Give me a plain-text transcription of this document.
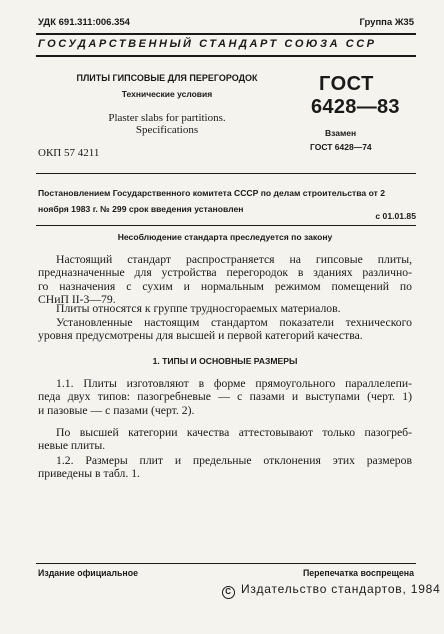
УДК 691.311:006.354	Группа Ж35
ГОСУДАРСТВЕННЫЙ СТАНДАРТ СОЮЗА ССР
ПЛИТЫ ГИПСОВЫЕ ДЛЯ ПЕРЕГОРОДОК
Технические условия
Plaster slabs for partitions.
Specifications
ОКП 57 4211
ГОСТ
6428—83
Взамен
ГОСТ 6428—74
Постановлением Государственного комитета СССР по делам строительства от 2 ноября 1983 г. № 299 срок введения установлен
с 01.01.85
Несоблюдение стандарта преследуется по закону
Настоящий стандарт распространяется на гипсовые плиты,
предназначенные для устройства перегородок в зданиях различно-
го назначения с сухим и нормальным режимом помещений по
СНиП II-3—79.
Плиты относятся к группе трудносгораемых материалов.
Установленные настоящим стандартом показатели технического
уровня предусмотрены для высшей и первой категорий качества.
1. ТИПЫ И ОСНОВНЫЕ РАЗМЕРЫ
1.1. Плиты изготовляют в форме прямоугольного параллелепи-
педа двух типов: пазогребневые — с пазами и выступами (черт. 1)
и пазовые — с пазами (черт. 2).
По высшей категории качества аттестовывают только пазогреб-
невые плиты.
1.2. Размеры плит и предельные отклонения этих размеров
приведены в табл. 1.
Издание официальное	Перепечатка воспрещена
C Издательство стандартов, 1984
